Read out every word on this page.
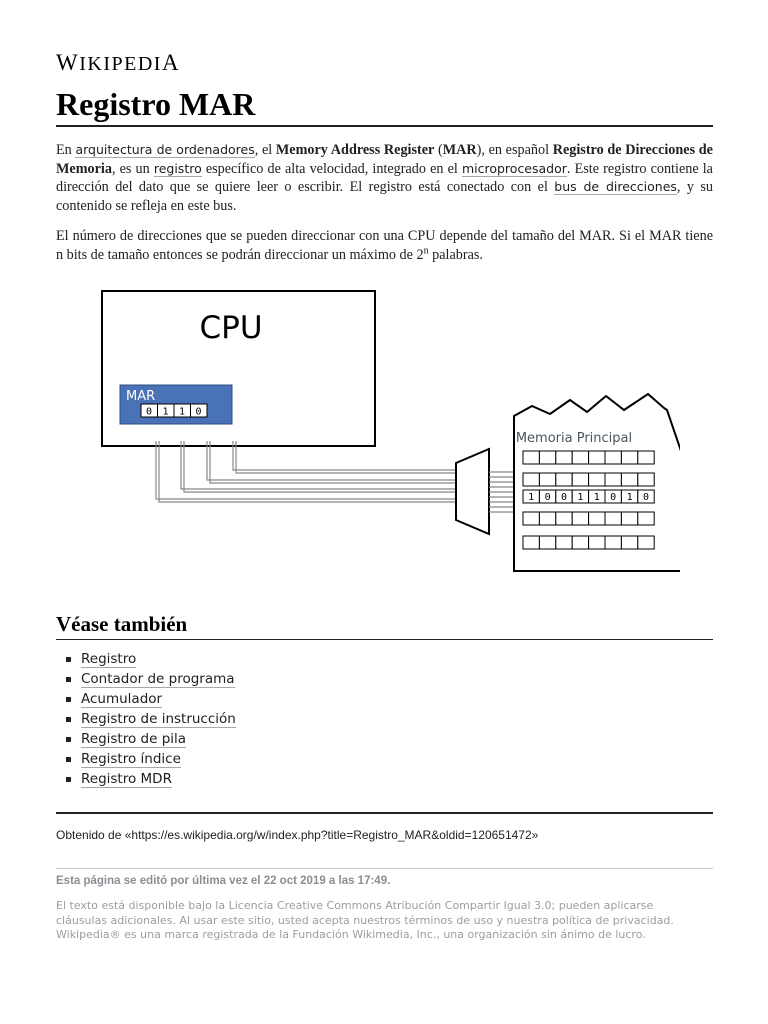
WIKIPEDIA
Registro MAR

En arquitectura de ordenadores, el Memory Address Register (MAR), en español Registro de Direcciones de Memoria, es un registro específico de alta velocidad, integrado en el microprocesador. Este registro contiene la dirección del dato que se quiere leer o escribir. El registro está conectado con el bus de direcciones, y su contenido se refleja en este bus.

El número de direcciones que se pueden direccionar con una CPU depende del tamaño del MAR. Si el MAR tiene n bits de tamaño entonces se podrán direccionar un máximo de 2$^n$ palabras.

CPU
MAR
0 1 1 0
Memoria Principal
1 0 0 1 1 0 1 0
Véase también
Registro
Contador de programa
Acumulador
Registro de instrucción
Registro de pila
Registro índice
Registro MDR
Obtenido de «https://es.wikipedia.org/w/index.php?title=Registro_MAR&oldid=120651472»
Esta página se editó por última vez el 22 oct 2019 a las 17:49.
El texto está disponible bajo la Licencia Creative Commons Atribución Compartir Igual 3.0; pueden aplicarse
cláusulas adicionales. Al usar este sitio, usted acepta nuestros términos de uso y nuestra política de privacidad.
Wikipedia® es una marca registrada de la Fundación Wikimedia, Inc., una organización sin ánimo de lucro.
